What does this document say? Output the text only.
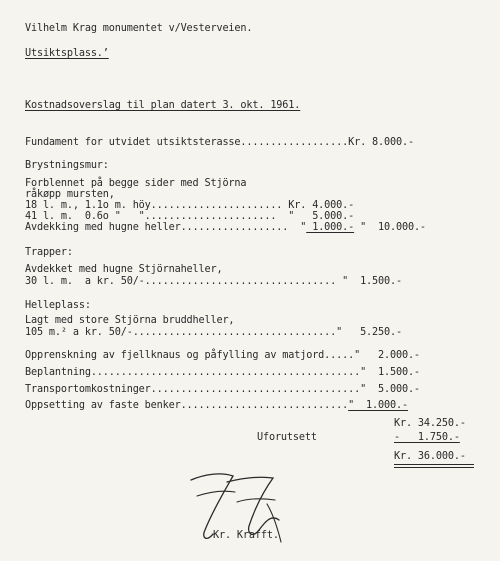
Vilhelm Krag monumentet v/Vesterveien.
Utsiktsplass.’
Kostnadsoverslag til plan datert 3. okt. 1961.
Fundament for utvidet utsiktsterasse..................Kr. 8.000.-
Brystningsmur:
Forblennet på begge sider med Stjörna
råkøpp mursten,
18 l. m., 1.1o m. höy...................... Kr. 4.000.-
41 l. m.  0.6o "   "......................  "   5.000.-
Avdekking med hugne heller..................  " 1.000.- "  10.000.-
Trapper:
Avdekket med hugne Stjörnaheller,
30 l. m.  a kr. 50/-................................ "  1.500.-
Helleplass:
Lagt med store Stjörna bruddheller,
105 m.² a kr. 50/-.................................."   5.250.-
Opprenskning av fjellknaus og påfylling av matjord....."   2.000.-
Beplantning............................................."  1.500.-
Transportomkostninger..................................."  5.000.-
Oppsetting av faste benker............................"  1.000.-
Kr. 34.250.-
Uforutsett	-   1.750.-
Kr. 36.000.-
Kr. Krafft.
